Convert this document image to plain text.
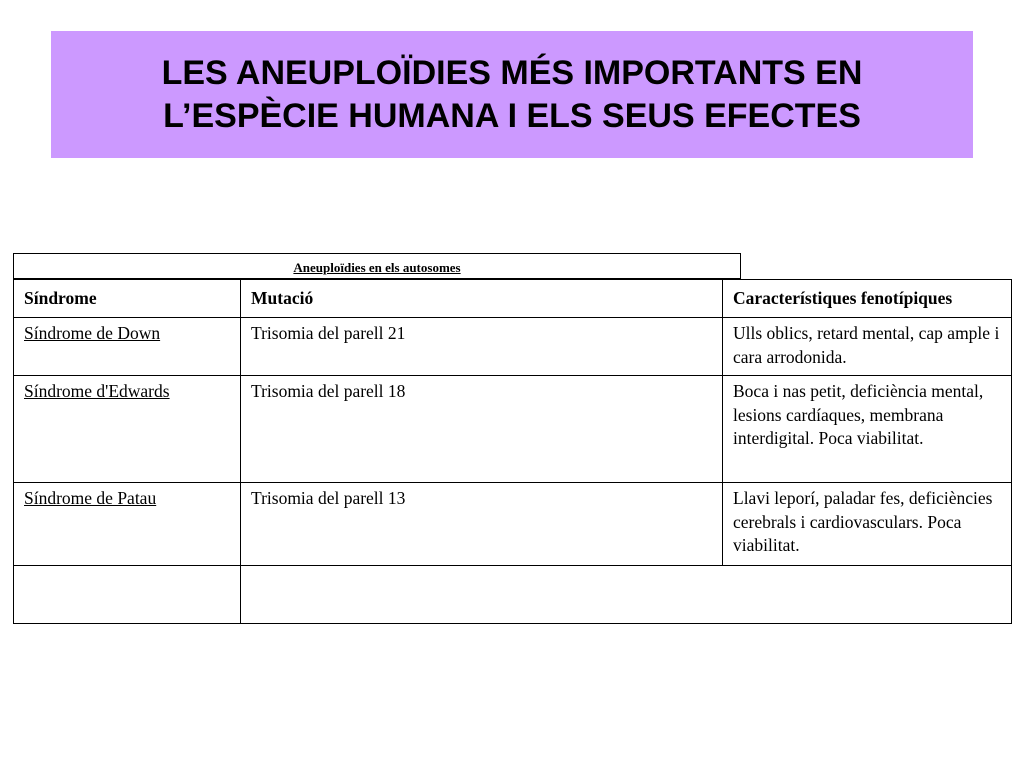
LES ANEUPLOÏDIES MÉS IMPORTANTS EN
L’ESPÈCIE HUMANA I ELS SEUS EFECTES
Aneuploïdies en els autosomes
Síndrome	Mutació	Característiques fenotípiques
Síndrome de Down	Trisomia del parell 21	Ulls oblics, retard mental, cap ample i cara arrodonida.
Síndrome d'Edwards	Trisomia del parell 18	Boca i nas petit, deficiència mental, lesions cardíaques, membrana interdigital. Poca viabilitat.
Síndrome de Patau	Trisomia del parell 13	Llavi leporí, paladar fes, deficiències cerebrals i cardiovasculars. Poca viabilitat.
